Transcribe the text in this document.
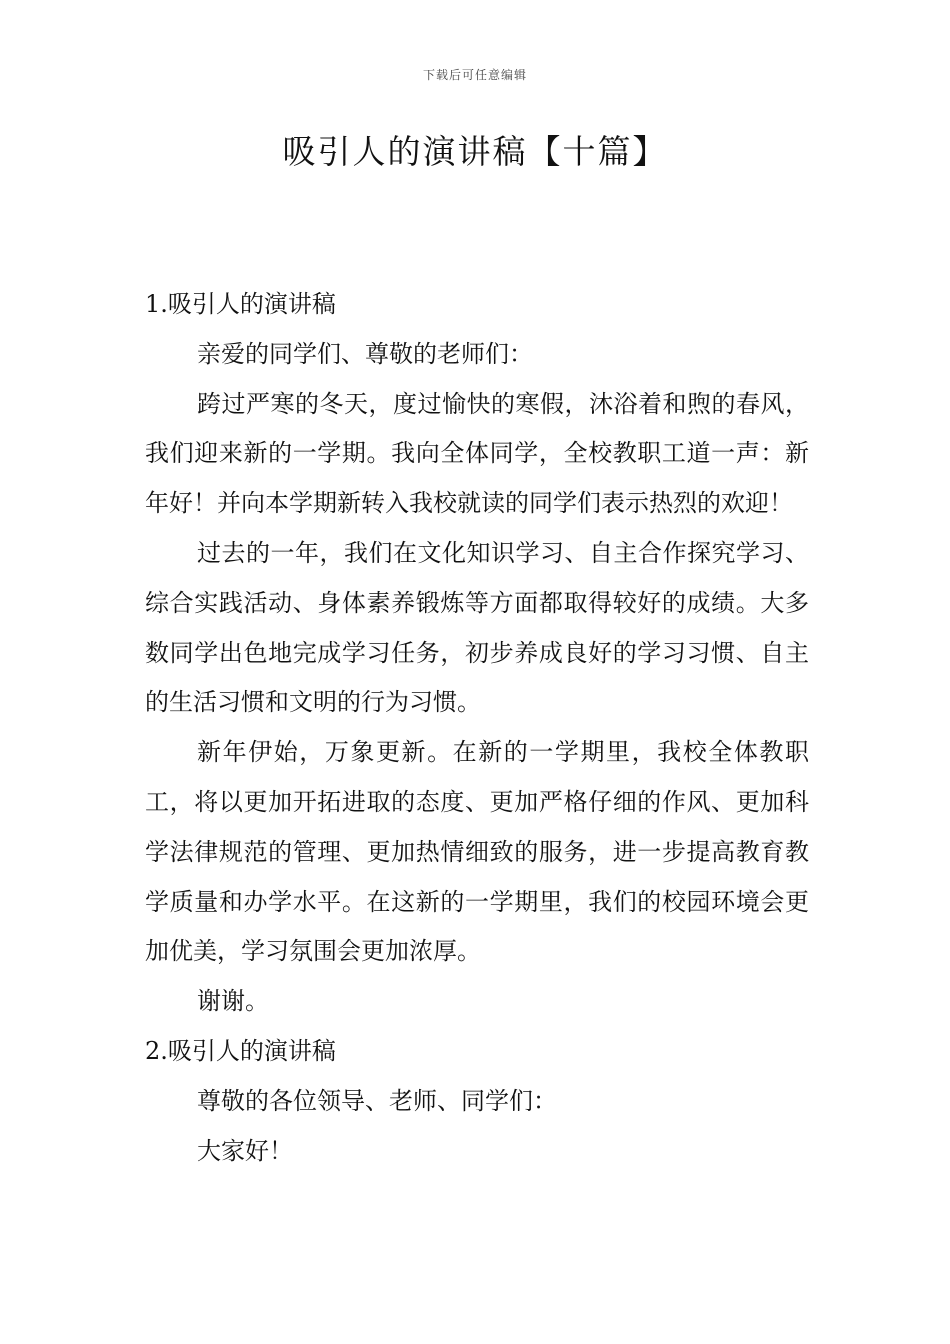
下载后可任意编辑
吸引人的演讲稿【十篇】

1.吸引人的演讲稿

亲爱的同学们、尊敬的老师们：

跨过严寒的冬天，度过愉快的寒假，沐浴着和煦的春风，我们迎来新的一学期。我向全体同学，全校教职工道一声：新年好！并向本学期新转入我校就读的同学们表示热烈的欢迎！

过去的一年，我们在文化知识学习、自主合作探究学习、综合实践活动、身体素养锻炼等方面都取得较好的成绩。大多数同学出色地完成学习任务，初步养成良好的学习习惯、自主的生活习惯和文明的行为习惯。

新年伊始，万象更新。在新的一学期里，我校全体教职工，将以更加开拓进取的态度、更加严格仔细的作风、更加科学法律规范的管理、更加热情细致的服务，进一步提高教育教学质量和办学水平。在这新的一学期里，我们的校园环境会更加优美，学习氛围会更加浓厚。

谢谢。

2.吸引人的演讲稿

尊敬的各位领导、老师、同学们：

大家好！
